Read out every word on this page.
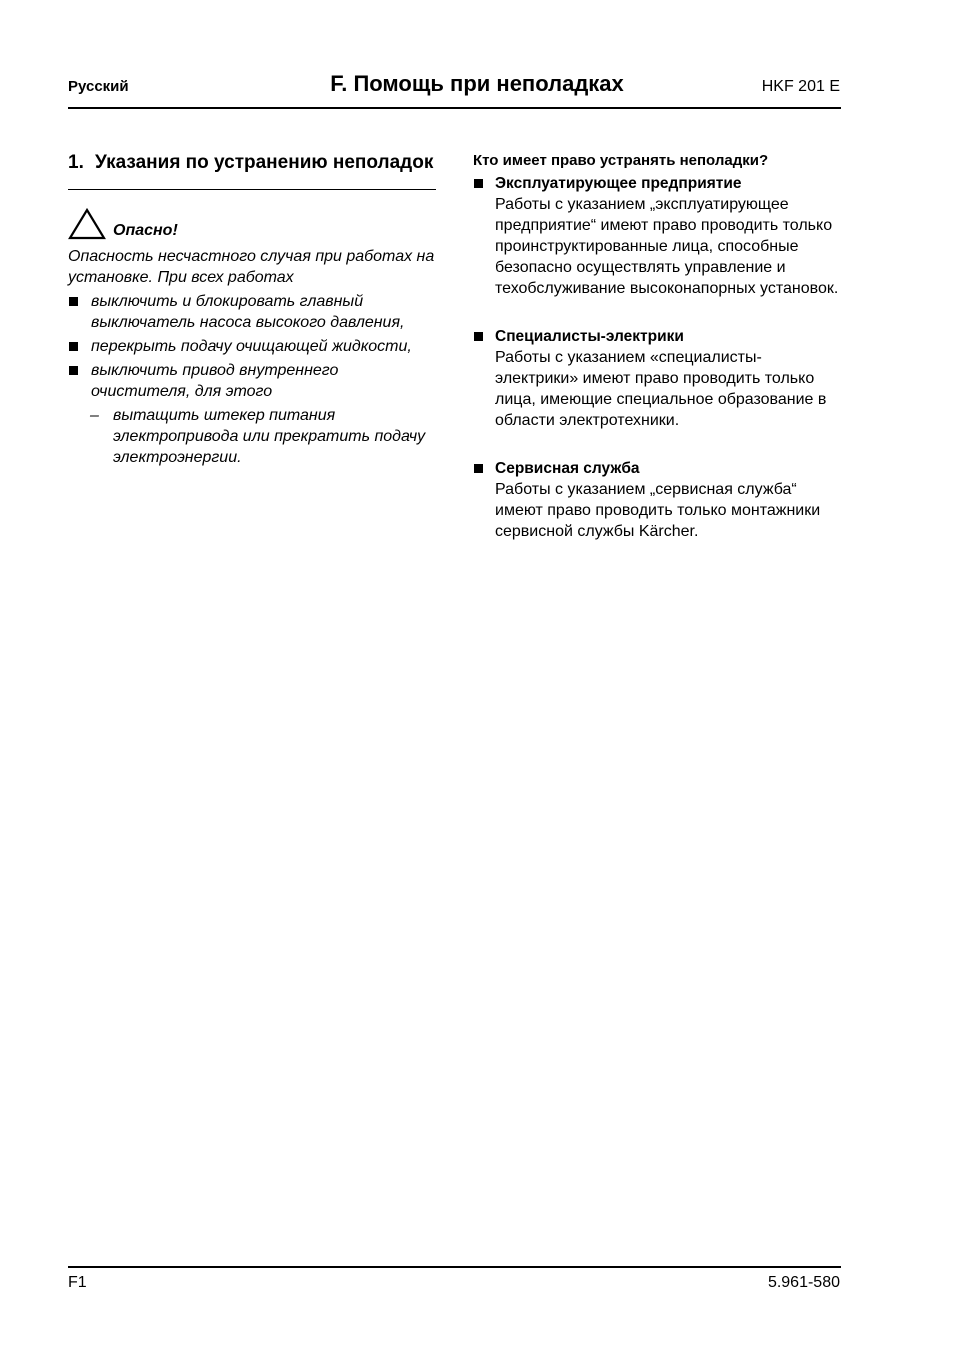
Русский	F. Помощь при неполадках	HKF 201 E
1. Указания по устранению неполадок
Опасно!
Опасность несчастного случая при работах на установке. При всех работах
выключить и блокировать главный выключатель насоса высокого давления,
перекрыть подачу очищающей жидкости,
выключить привод внутреннего очистителя, для этого
– вытащить штекер питания электропривода или прекратить подачу электроэнергии.
Кто имеет право устранять неполадки?
Эксплуатирующее предприятие
Работы с указанием „эксплуатирующее предприятие“ имеют право проводить только проинструктированные лица, способные безопасно осуществлять управление и техобслуживание высоконапорных установок.
Специалисты-электрики
Работы с указанием «специалисты-электрики» имеют право проводить только лица, имеющие специальное образование в области электротехники.
Сервисная служба
Работы с указанием „сервисная служба“ имеют право проводить только монтажники сервисной службы Kärcher.
F1	5.961-580
